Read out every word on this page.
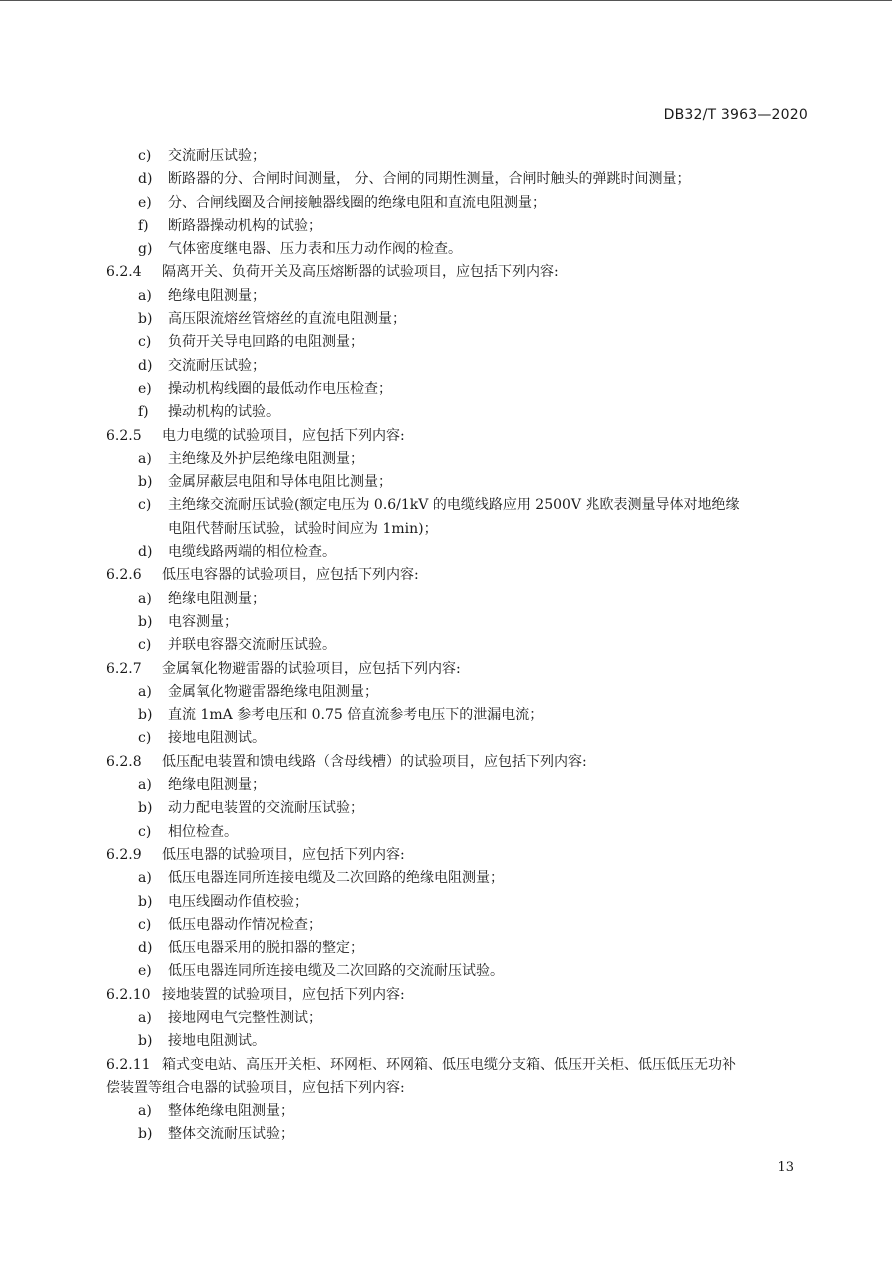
DB32/T 3963—2020
c) 交流耐压试验；
d) 断路器的分、合闸时间测量， 分、合闸的同期性测量，合闸时触头的弹跳时间测量；
e) 分、合闸线圈及合闸接触器线圈的绝缘电阻和直流电阻测量；
f) 断路器操动机构的试验；
g) 气体密度继电器、压力表和压力动作阀的检查。
6.2.4 隔离开关、负荷开关及高压熔断器的试验项目，应包括下列内容:
a) 绝缘电阻测量；
b) 高压限流熔丝管熔丝的直流电阻测量；
c) 负荷开关导电回路的电阻测量；
d) 交流耐压试验；
e) 操动机构线圈的最低动作电压检查；
f) 操动机构的试验。
6.2.5 电力电缆的试验项目，应包括下列内容:
a) 主绝缘及外护层绝缘电阻测量；
b) 金属屏蔽层电阻和导体电阻比测量；
c) 主绝缘交流耐压试验(额定电压为 0.6/1kV 的电缆线路应用 2500V 兆欧表测量导体对地绝缘
电阻代替耐压试验，试验时间应为 1min)；
d) 电缆线路两端的相位检查。
6.2.6 低压电容器的试验项目，应包括下列内容:
a) 绝缘电阻测量；
b) 电容测量；
c) 并联电容器交流耐压试验。
6.2.7 金属氧化物避雷器的试验项目，应包括下列内容:
a) 金属氧化物避雷器绝缘电阻测量；
b) 直流 1mA 参考电压和 0.75 倍直流参考电压下的泄漏电流；
c) 接地电阻测试。
6.2.8 低压配电装置和馈电线路（含母线槽）的试验项目，应包括下列内容:
a) 绝缘电阻测量；
b) 动力配电装置的交流耐压试验；
c) 相位检查。
6.2.9 低压电器的试验项目，应包括下列内容:
a) 低压电器连同所连接电缆及二次回路的绝缘电阻测量；
b) 电压线圈动作值校验；
c) 低压电器动作情况检查；
d) 低压电器采用的脱扣器的整定；
e) 低压电器连同所连接电缆及二次回路的交流耐压试验。
6.2.10 接地装置的试验项目，应包括下列内容:
a) 接地网电气完整性测试；
b) 接地电阻测试。
6.2.11 箱式变电站、高压开关柜、环网柜、环网箱、低压电缆分支箱、低压开关柜、低压低压无功补
偿装置等组合电器的试验项目，应包括下列内容:
a) 整体绝缘电阻测量；
b) 整体交流耐压试验；
13
